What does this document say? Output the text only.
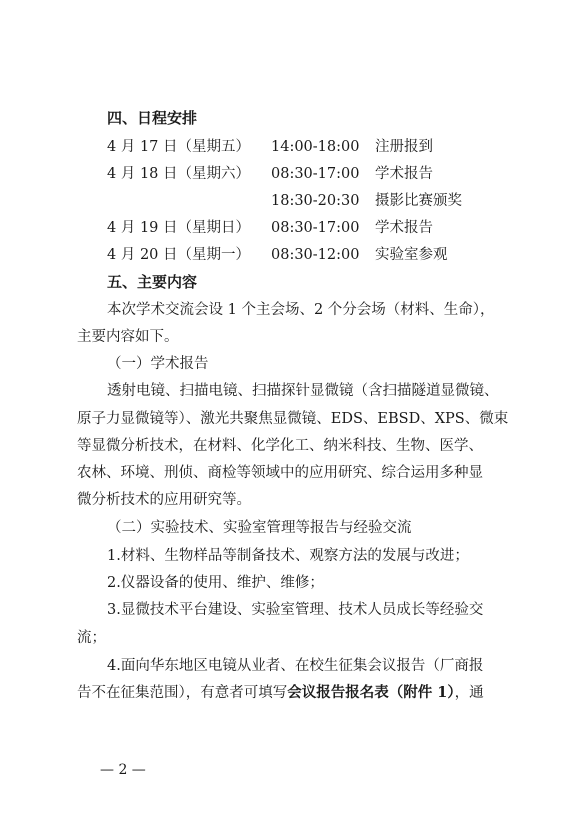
四、日程安排
4 月 17 日（星期五） 14:00-18:00 注册报到
4 月 18 日（星期六） 08:30-17:00 学术报告
18:30-20:30 摄影比赛颁奖
4 月 19 日（星期日） 08:30-17:00 学术报告
4 月 20 日（星期一） 08:30-12:00 实验室参观
五、主要内容
本次学术交流会设 1 个主会场、2 个分会场（材料、生命），
主要内容如下。
（一）学术报告
透射电镜、扫描电镜、扫描探针显微镜（含扫描隧道显微镜、
原子力显微镜等）、激光共聚焦显微镜、EDS、EBSD、XPS、微束
等显微分析技术，在材料、化学化工、纳米科技、生物、医学、
农林、环境、刑侦、商检等领域中的应用研究、综合运用多种显
微分析技术的应用研究等。
（二）实验技术、实验室管理等报告与经验交流
1.材料、生物样品等制备技术、观察方法的发展与改进；
2.仪器设备的使用、维护、维修；
3.显微技术平台建设、实验室管理、技术人员成长等经验交
流；
4.面向华东地区电镜从业者、在校生征集会议报告（厂商报
告不在征集范围），有意者可填写会议报告报名表（附件 1），通
— 2 —
